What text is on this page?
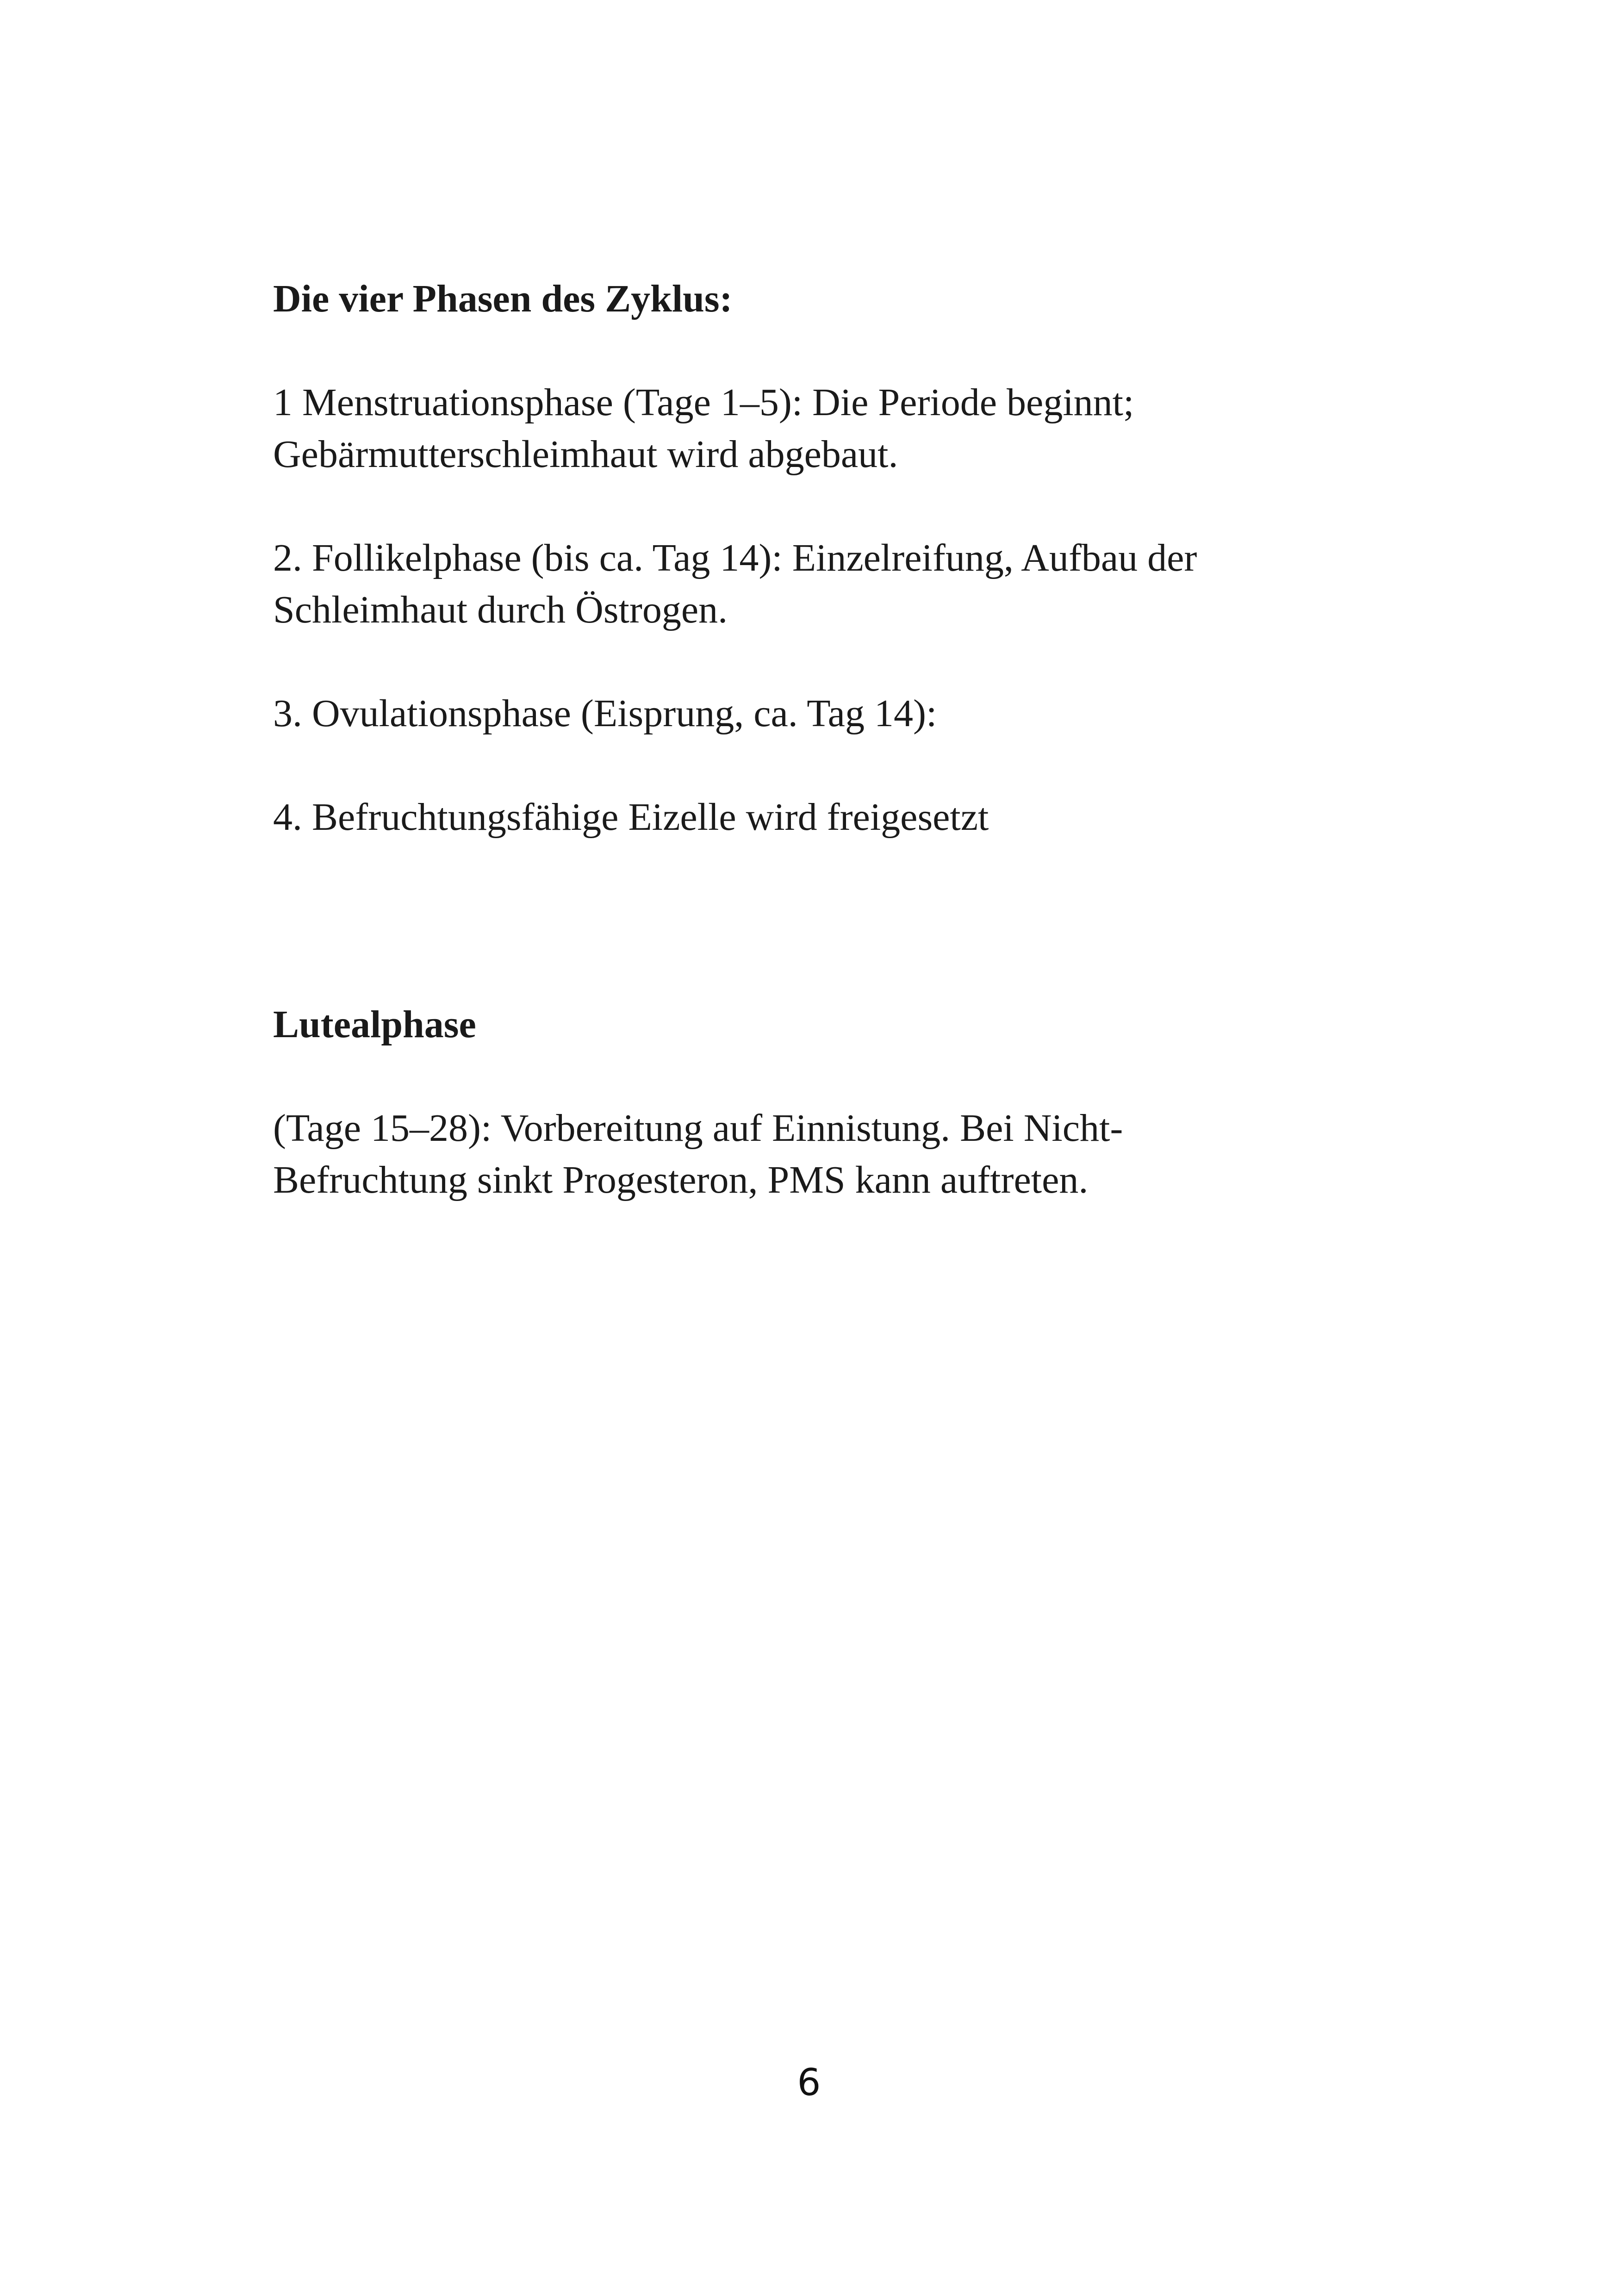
Die vier Phasen des Zyklus:

1 Menstruationsphase (Tage 1–5): Die Periode beginnt;
Gebärmutterschleimhaut wird abgebaut.

2. Follikelphase (bis ca. Tag 14): Einzelreifung, Aufbau der
Schleimhaut durch Östrogen.

3. Ovulationsphase (Eisprung, ca. Tag 14):

4. Befruchtungsfähige Eizelle wird freigesetzt

Lutealphase

(Tage 15–28): Vorbereitung auf Einnistung. Bei Nicht-
Befruchtung sinkt Progesteron, PMS kann auftreten.

6
